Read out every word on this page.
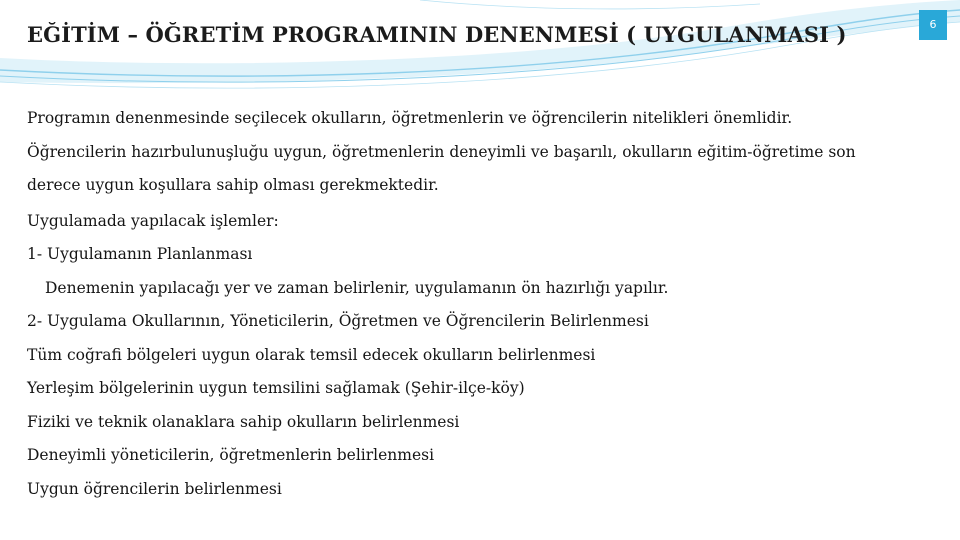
EĞİTİM – ÖĞRETİM PROGRAMININ DENENMESİ ( UYGULANMASI )	6

Programın denenmesinde seçilecek okulların, öğretmenlerin ve öğrencilerin nitelikleri önemlidir.

Öğrencilerin hazırbulunuşluğu uygun, öğretmenlerin deneyimli ve başarılı, okulların eğitim-öğretime son

derece uygun koşullara sahip olması gerekmektedir.

Uygulamada yapılacak işlemler:

1- Uygulamanın Planlanması

Denemenin yapılacağı yer ve zaman belirlenir, uygulamanın ön hazırlığı yapılır.

2- Uygulama Okullarının, Yöneticilerin, Öğretmen ve Öğrencilerin Belirlenmesi

Tüm coğrafi bölgeleri uygun olarak temsil edecek okulların belirlenmesi

Yerleşim bölgelerinin uygun temsilini sağlamak (Şehir-ilçe-köy)

Fiziki ve teknik olanaklara sahip okulların belirlenmesi

Deneyimli yöneticilerin, öğretmenlerin belirlenmesi

Uygun öğrencilerin belirlenmesi
